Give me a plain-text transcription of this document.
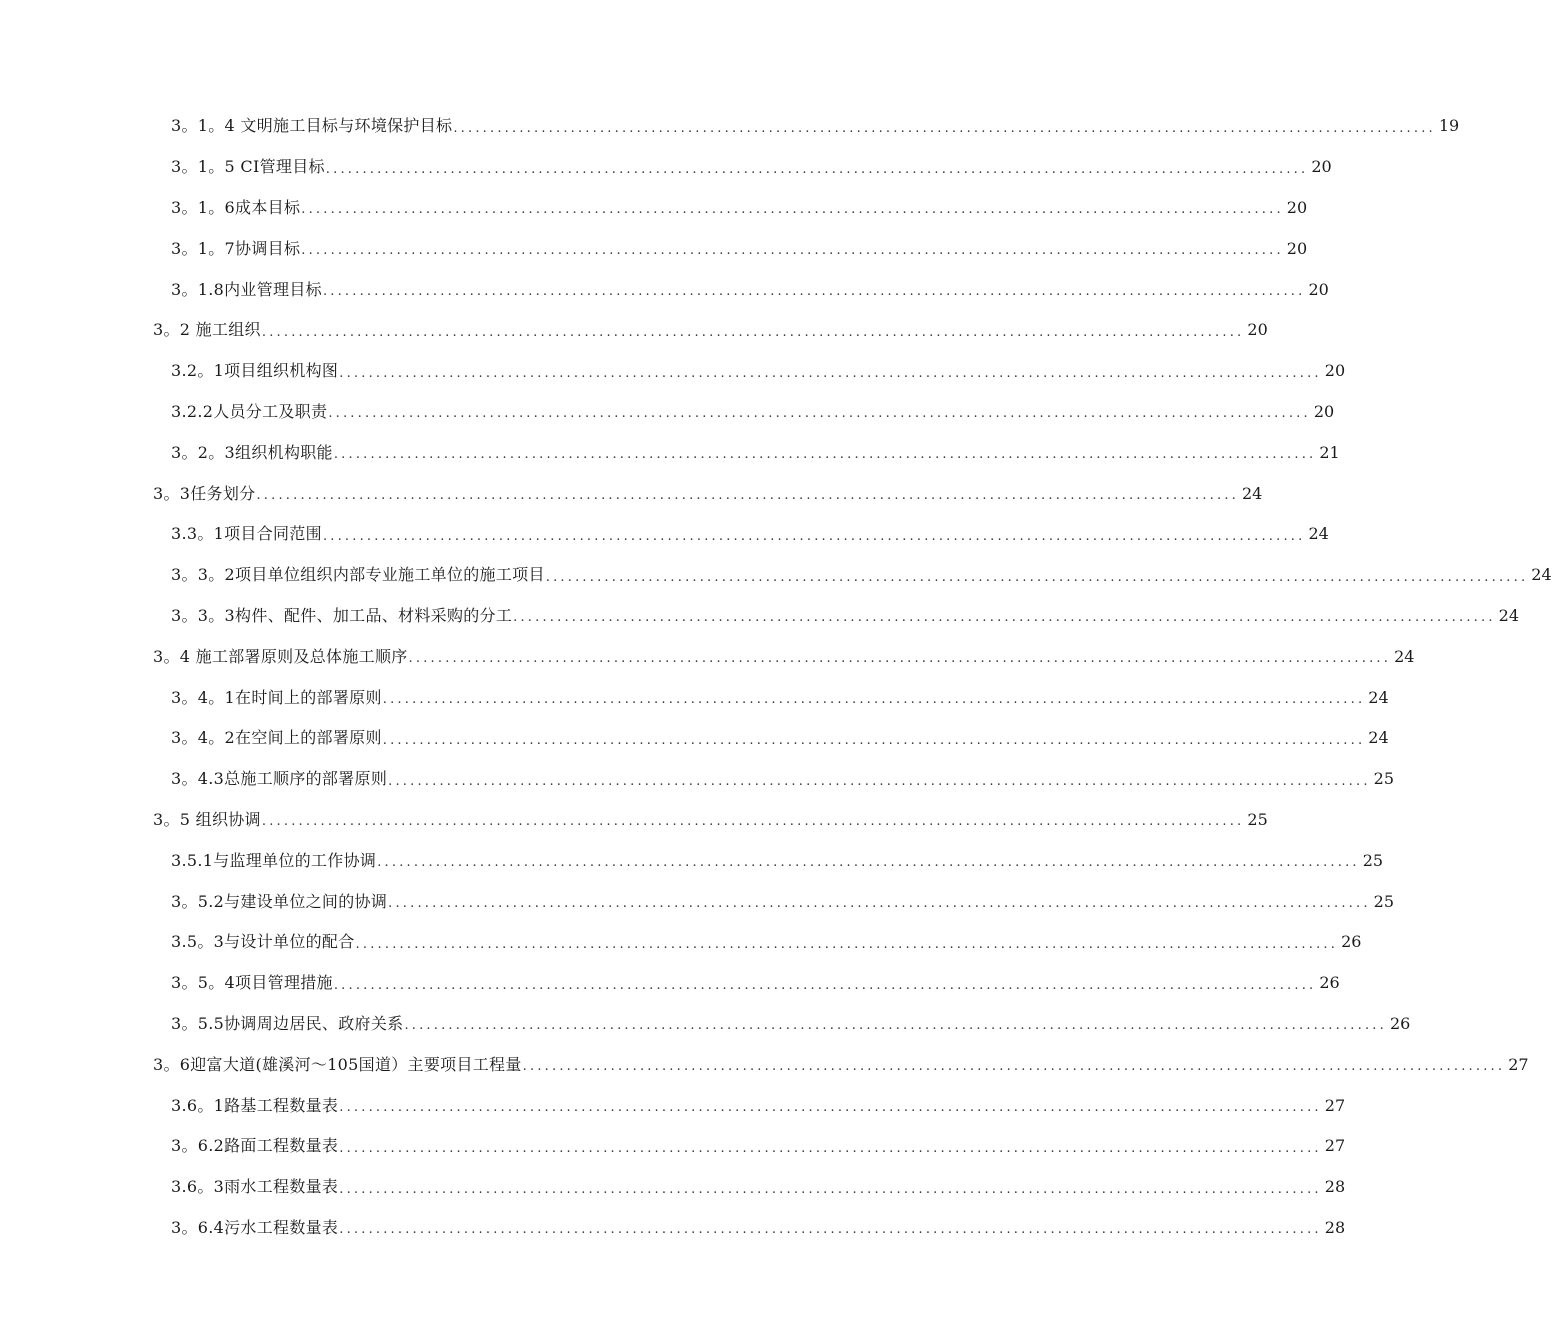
3。1。4 文明施工目标与环境保护目标 ...................................................................................................................................... 19
3。1。5 CI管理目标 ...................................................................................................................................... 20
3。1。6成本目标 ...................................................................................................................................... 20
3。1。7协调目标 ...................................................................................................................................... 20
3。1.8内业管理目标 ...................................................................................................................................... 20
3。2 施工组织 ...................................................................................................................................... 20
3.2。1项目组织机构图 ...................................................................................................................................... 20
3.2.2人员分工及职责 ...................................................................................................................................... 20
3。2。3组织机构职能 ...................................................................................................................................... 21
3。3任务划分 ...................................................................................................................................... 24
3.3。1项目合同范围 ...................................................................................................................................... 24
3。3。2项目单位组织内部专业施工单位的施工项目 ...................................................................................................................................... 24
3。3。3构件、配件、加工品、材料采购的分工 ...................................................................................................................................... 24
3。4 施工部署原则及总体施工顺序 ...................................................................................................................................... 24
3。4。1在时间上的部署原则 ...................................................................................................................................... 24
3。4。2在空间上的部署原则 ...................................................................................................................................... 24
3。4.3总施工顺序的部署原则 ...................................................................................................................................... 25
3。5 组织协调 ...................................................................................................................................... 25
3.5.1与监理单位的工作协调 ...................................................................................................................................... 25
3。5.2与建设单位之间的协调 ...................................................................................................................................... 25
3.5。3与设计单位的配合 ...................................................................................................................................... 26
3。5。4项目管理措施 ...................................................................................................................................... 26
3。5.5协调周边居民、政府关系 ...................................................................................................................................... 26
3。6迎富大道(雄溪河～105国道）主要项目工程量 ...................................................................................................................................... 27
3.6。1路基工程数量表 ...................................................................................................................................... 27
3。6.2路面工程数量表 ...................................................................................................................................... 27
3.6。3雨水工程数量表 ...................................................................................................................................... 28
3。6.4污水工程数量表 ...................................................................................................................................... 28
